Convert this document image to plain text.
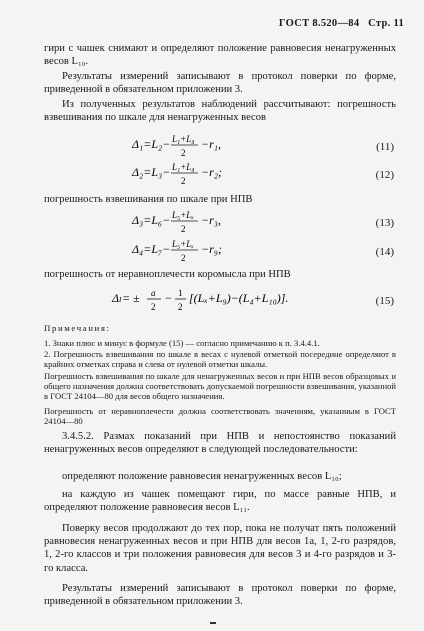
ГОСТ 8.520—84 Стр. 11
гири с чашек снимают и определяют положение равновесия ненагруженных весов L₁₀.
Результаты измерений записывают в протокол поверки по форме, приведенной в обязательном приложении 3.
Из полученных результатов наблюдений рассчитывают: погрешность взвешивания по шкале для ненагруженных весов
Δ₁=L₂− L₁+L₄
2
−r₁,	(11)
Δ₂=L₃− L₁+L₄
2
−r₂;	(12)
погрешность взвешивания по шкале при НПВ
Δ₃=L₆− L₅+Lₓ
2
−r₃,	(13)
Δ₄=L₇− L₅+Lₓ
2
−r₉;	(14)
погрешность от неравноплечести коромысла при НПВ
Δₗ= ± a
2
− 1
2
[(Lₓ+L₉)−(L₄+L₁₀)].	(15)
Примечания:
1. Знаки плюс и минус в формуле (15) — согласно примечанию к п. 3.4.4.1.
2. Погрешность взвешивания по шкале в весах с нулевой отметкой посередине определяют в крайних отметках справа и слева от нулевой отметки шкалы.
Погрешность взвешивания по шкале для ненагруженных весов и при НПВ весов образцовых и общего назначения должна соответствовать допускаемой погрешности взвешивания, указанной в ГОСТ 24104—80 для весов общего назначения.
Погрешность от неравноплечести должна соответствовать значениям, указанным в ГОСТ 24104—80
3.4.5.2. Размах показаний при НПВ и непостоянство показаний ненагруженных весов определяют в следующей последовательности:
определяют положение равновесия ненагруженных весов L₁₀;
на каждую из чашек помещают гири, по массе равные НПВ, и определяют положение равновесия весов L₁₁.
Поверку весов продолжают до тех пор, пока не получат пять положений равновесия ненагруженных весов и при НПВ для весов 1а, 1, 2-го разрядов, 1, 2-го классов и три положения равновесия для весов 3 и 4-го разрядов и 3-го класса.
Результаты измерений записывают в протокол поверки по форме, приведенной в обязательном приложении 3.
